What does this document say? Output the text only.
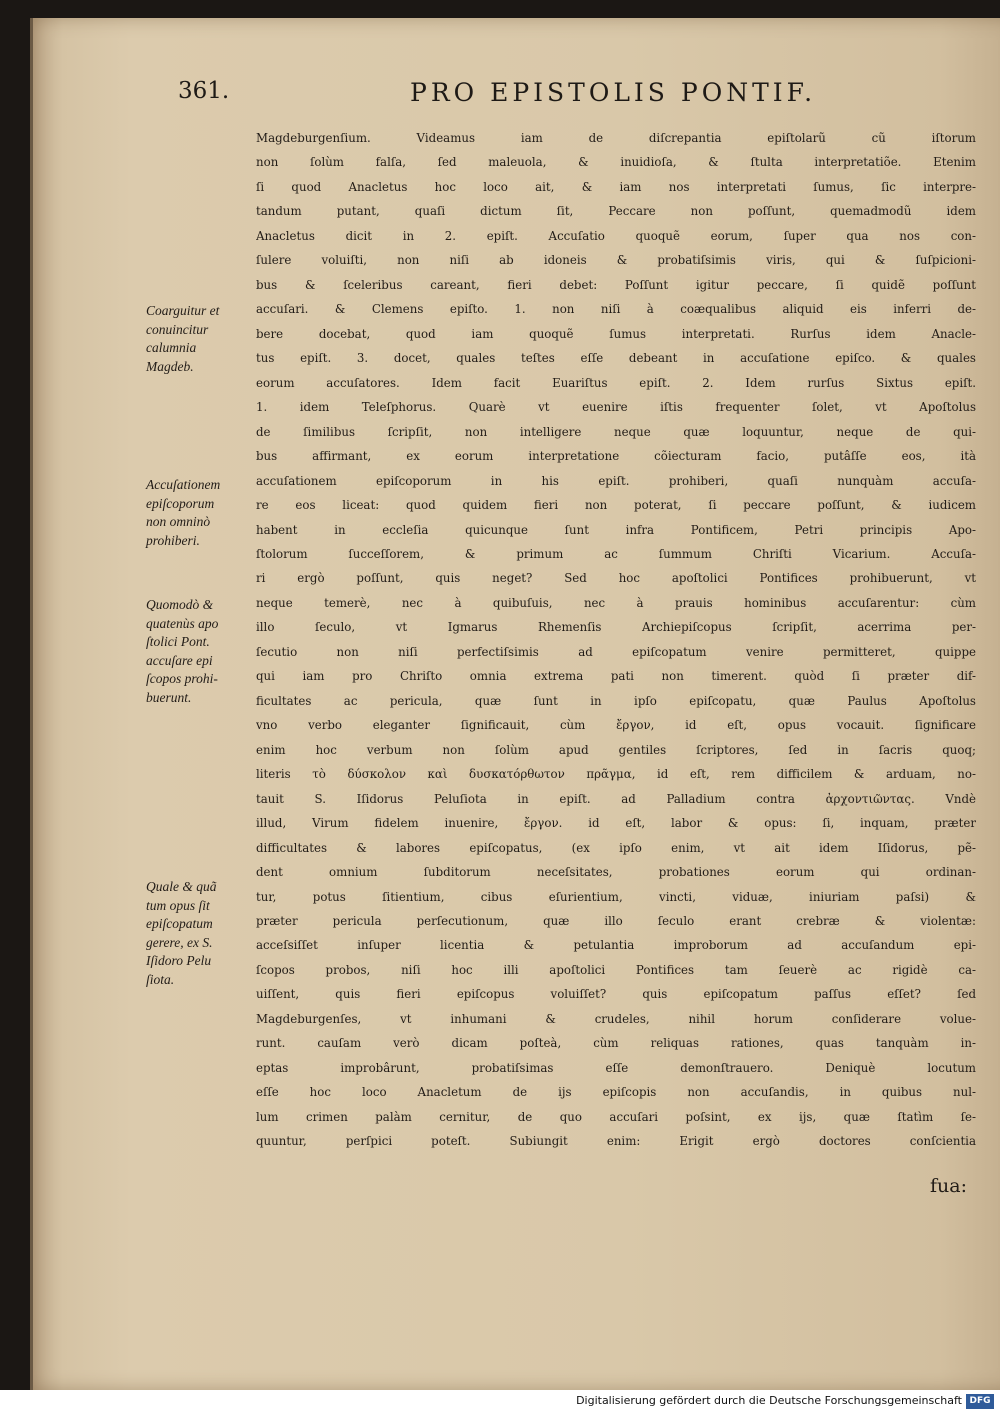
361.	PRO EPISTOLIS PONTIF.
Coarguitur et
conuincitur
calumnia
Magdeb.
Accuſationem
epiſcoporum
non omninò
prohiberi.
Quomodò &
quatenùs apo
ſtolici Pont.
accuſare epi
ſcopos prohi-
buerunt.
Quale & quã
tum opus ſit
epiſcopatum
gerere, ex S.
Iſidoro Pelu
ſiota.
Magdeburgenſium. Videamus iam de diſcrepantia epiſtolarũ cũ iſtorum
non ſolùm falſa, ſed maleuola, & inuidioſa, & ſtulta interpretatiõe. Etenim
ſi quod Anacletus hoc loco ait, & iam nos interpretati ſumus, ſic interpre-
tandum putant, quaſi dictum ſit, Peccare non poſſunt, quemadmodũ idem
Anacletus dicit in 2. epiſt. Accuſatio quoquẽ eorum, ſuper qua nos con-
ſulere voluiſti, non niſi ab idoneis & probatiſsimis viris, qui & ſuſpicioni-
bus & ſceleribus careant, fieri debet: Poſſunt igitur peccare, ſi quidẽ poſſunt
accuſari. & Clemens epiſto. 1. non niſi à coæqualibus aliquid eis inferri de-
bere docebat, quod iam quoquẽ ſumus interpretati. Rurſus idem Anacle-
tus epiſt. 3. docet, quales teſtes eſſe debeant in accuſatione epiſco. & quales
eorum accuſatores. Idem facit Euariſtus epiſt. 2. Idem rurſus Sixtus epiſt.
1. idem Teleſphorus. Quarè vt euenire iſtis frequenter ſolet, vt Apoſtolus
de ſimilibus ſcripſit, non intelligere neque quæ loquuntur, neque de qui-
bus affirmant, ex eorum interpretatione cõiecturam facio, putâſſe eos, ità
accuſationem epiſcoporum in his epiſt. prohiberi, quaſi nunquàm accuſa-
re eos liceat: quod quidem fieri non poterat, ſi peccare poſſunt, & iudicem
habent in eccleſia quicunque ſunt infra Pontificem, Petri principis Apo-
ſtolorum ſucceſſorem, & primum ac ſummum Chriſti Vicarium. Accuſa-
ri ergò poſſunt, quis neget? Sed hoc apoſtolici Pontifices prohibuerunt, vt
neque temerè, nec à quibuſuis, nec à prauis hominibus accuſarentur: cùm
illo ſeculo, vt Igmarus Rhemenſis Archiepiſcopus ſcripſit, acerrima per-
ſecutio non niſi perfectiſsimis ad epiſcopatum venire permitteret, quippe
qui iam pro Chriſto omnia extrema pati non timerent. quòd ſi præter dif-
ficultates ac pericula, quæ ſunt in ipſo epiſcopatu, quæ Paulus Apoſtolus
vno verbo eleganter ſignificauit, cùm ἔργον, id eſt, opus vocauit. ſignificare
enim hoc verbum non ſolùm apud gentiles ſcriptores, ſed in ſacris quoq;
literis τὸ δύσκολον καὶ δυσκατόρθωτον πρᾶγμα, id eſt, rem difficilem & arduam, no-
tauit S. Iſidorus Peluſiota in epiſt. ad Palladium contra ἀρχοντιῶντας. Vndè
illud, Virum fidelem inuenire, ἔργον. id eſt, labor & opus: ſi, inquam, præter
difficultates & labores epiſcopatus, (ex ipſo enim, vt ait idem Iſidorus, pẽ-
dent omnium ſubditorum neceſsitates, probationes eorum qui ordinan-
tur, potus ſitientium, cibus eſurientium, vincti, viduæ, iniuriam paſsi) &
præter pericula perſecutionum, quæ illo ſeculo erant crebræ & violentæ:
acceſsiſſet inſuper licentia & petulantia improborum ad accuſandum epi-
ſcopos probos, niſi hoc illi apoſtolici Pontifices tam ſeuerè ac rigidè ca-
uiſſent, quis fieri epiſcopus voluiſſet? quis epiſcopatum paſſus eſſet? ſed
Magdeburgenſes, vt inhumani & crudeles, nihil horum conſiderare volue-
runt. cauſam verò dicam poſteà, cùm reliquas rationes, quas tanquàm in-
eptas improbârunt, probatiſsimas eſſe demonſtrauero. Deniquè locutum
eſſe hoc loco Anacletum de ijs epiſcopis non accuſandis, in quibus nul-
lum crimen palàm cernitur, de quo accuſari poſsint, ex ijs, quæ ſtatìm ſe-
quuntur, perſpici poteſt. Subiungit enim: Erigit ergò doctores conſcientia
fua:
Digitalisierung gefördert durch die Deutsche Forschungsgemeinschaft DFG
